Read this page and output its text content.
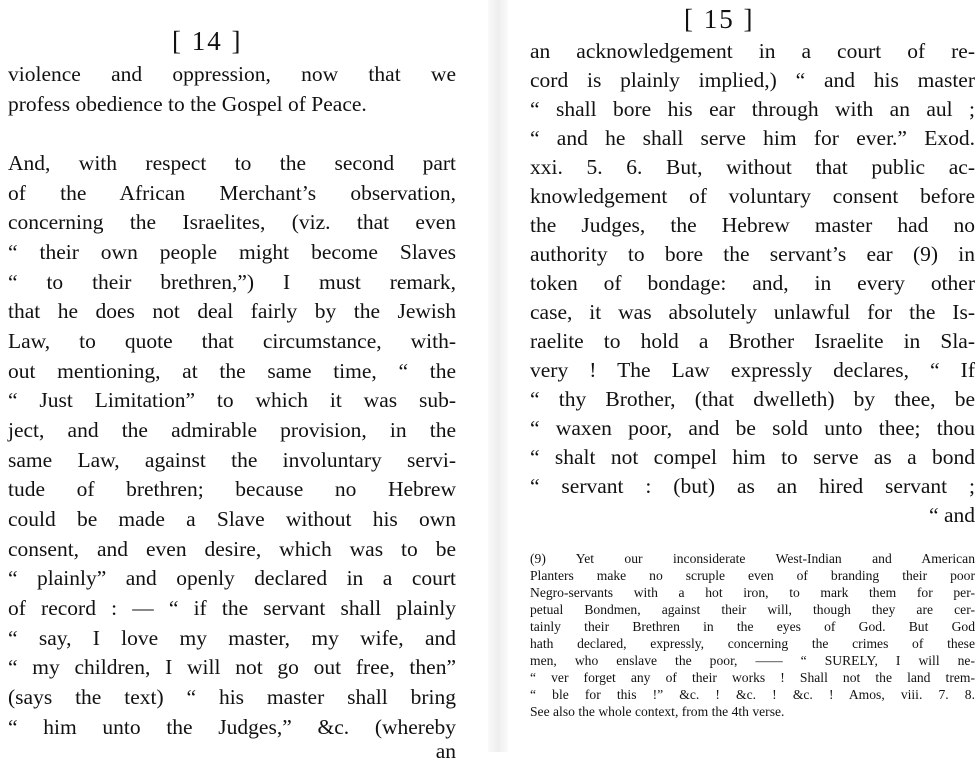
[ 14 ]
violence and oppression, now that we
profess obedience to the Gospel of Peace.
And, with respect to the second part
of the African Merchant’s observation,
concerning the Israelites, (viz. that even
“ their own people might become Slaves
“ to their brethren,”) I must remark,
that he does not deal fairly by the Jewish
Law, to quote that circumstance, with-
out mentioning, at the same time, “ the
“ Just Limitation” to which it was sub-
ject, and the admirable provision, in the
same Law, against the involuntary servi-
tude of brethren; because no Hebrew
could be made a Slave without his own
consent, and even desire, which was to be
“ plainly” and openly declared in a court
of record : — “ if the servant shall plainly
“ say, I love my master, my wife, and
“ my children, I will not go out free, then”
(says the text) “ his master shall bring
“ him unto the Judges,” &c. (whereby
an
[ 15 ]
an acknowledgement in a court of re-
cord is plainly implied,) “ and his master
“ shall bore his ear through with an aul ;
“ and he shall serve him for ever.” Exod.
xxi. 5. 6. But, without that public ac-
knowledgement of voluntary consent before
the Judges, the Hebrew master had no
authority to bore the servant’s ear (9) in
token of bondage: and, in every other
case, it was absolutely unlawful for the Is-
raelite to hold a Brother Israelite in Sla-
very ! The Law expressly declares, “ If
“ thy Brother, (that dwelleth) by thee, be
“ waxen poor, and be sold unto thee; thou
“ shalt not compel him to serve as a bond
“ servant : (but) as an hired servant ;
“ and
(9) Yet our inconsiderate West-Indian and American
Planters make no scruple even of branding their poor
Negro-servants with a hot iron, to mark them for per-
petual Bondmen, against their will, though they are cer-
tainly their Brethren in the eyes of God. But God
hath declared, expressly, concerning the crimes of these
men, who enslave the poor, —— “ SURELY, I will ne-
“ ver forget any of their works ! Shall not the land trem-
“ ble for this !” &c. ! &c. ! &c. ! Amos, viii. 7. 8.
See also the whole context, from the 4th verse.
